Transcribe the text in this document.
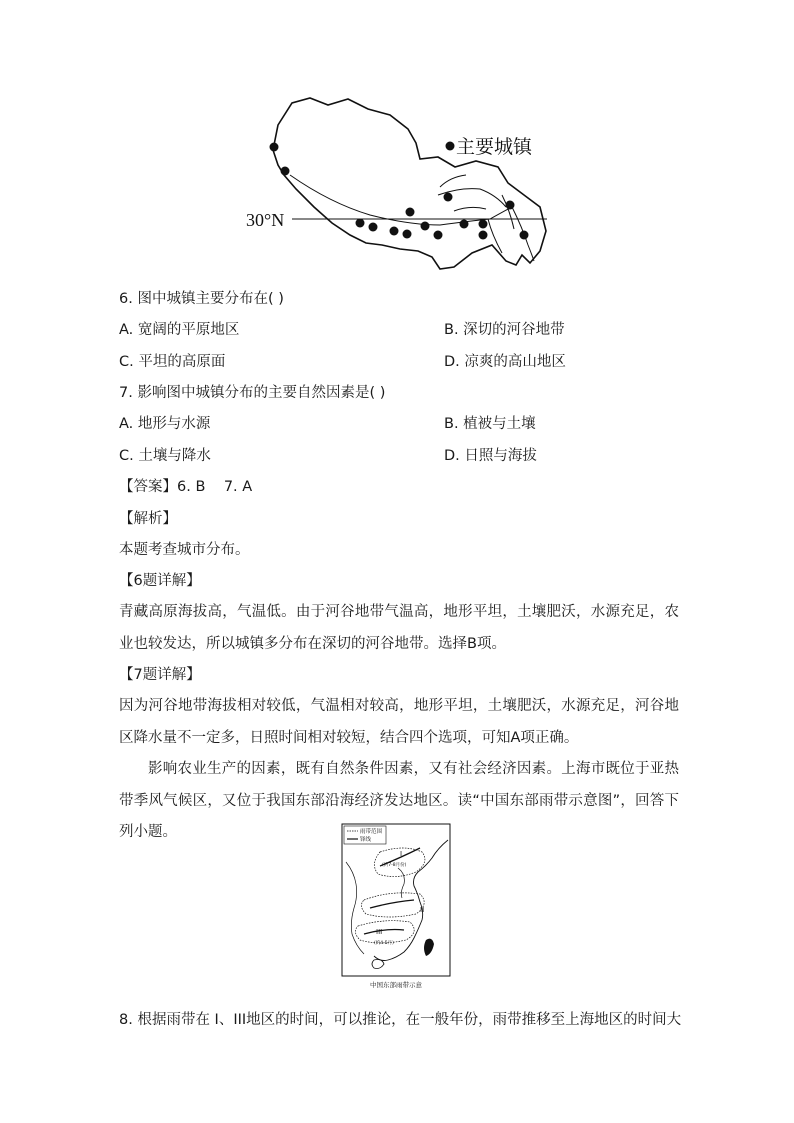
30°N
主要城镇
6. 图中城镇主要分布在( )
A. 宽阔的平原地区	B. 深切的河谷地带
C. 平坦的高原面	D. 凉爽的高山地区
7. 影响图中城镇分布的主要自然因素是( )
A. 地形与水源	B. 植被与土壤
C. 土壤与降水	D. 日照与海拔
【答案】6. B    7. A
【解析】
本题考查城市分布。
【6题详解】
青藏高原海拔高，气温低。由于河谷地带气温高，地形平坦，土壤肥沃，水源充足，农业也较发达，所以城镇多分布在深切的河谷地带。选择B项。
【7题详解】
因为河谷地带海拔相对较低，气温相对较高，地形平坦，土壤肥沃，水源充足，河谷地区降水量不一定多，日照时间相对较短，结合四个选项，可知A项正确。
影响农业生产的因素，既有自然条件因素，又有社会经济因素。上海市既位于亚热带季风气候区，又位于我国东部沿海经济发达地区。读“中国东部雨带示意图”，回答下列小题。	雨带范围
锋线
I
(约7-8月份)
II
III
(约4-5月)
中国东部雨带示意
8. 根据雨带在 I、III地区的时间，可以推论，在一般年份，雨带推移至上海地区的时间大
